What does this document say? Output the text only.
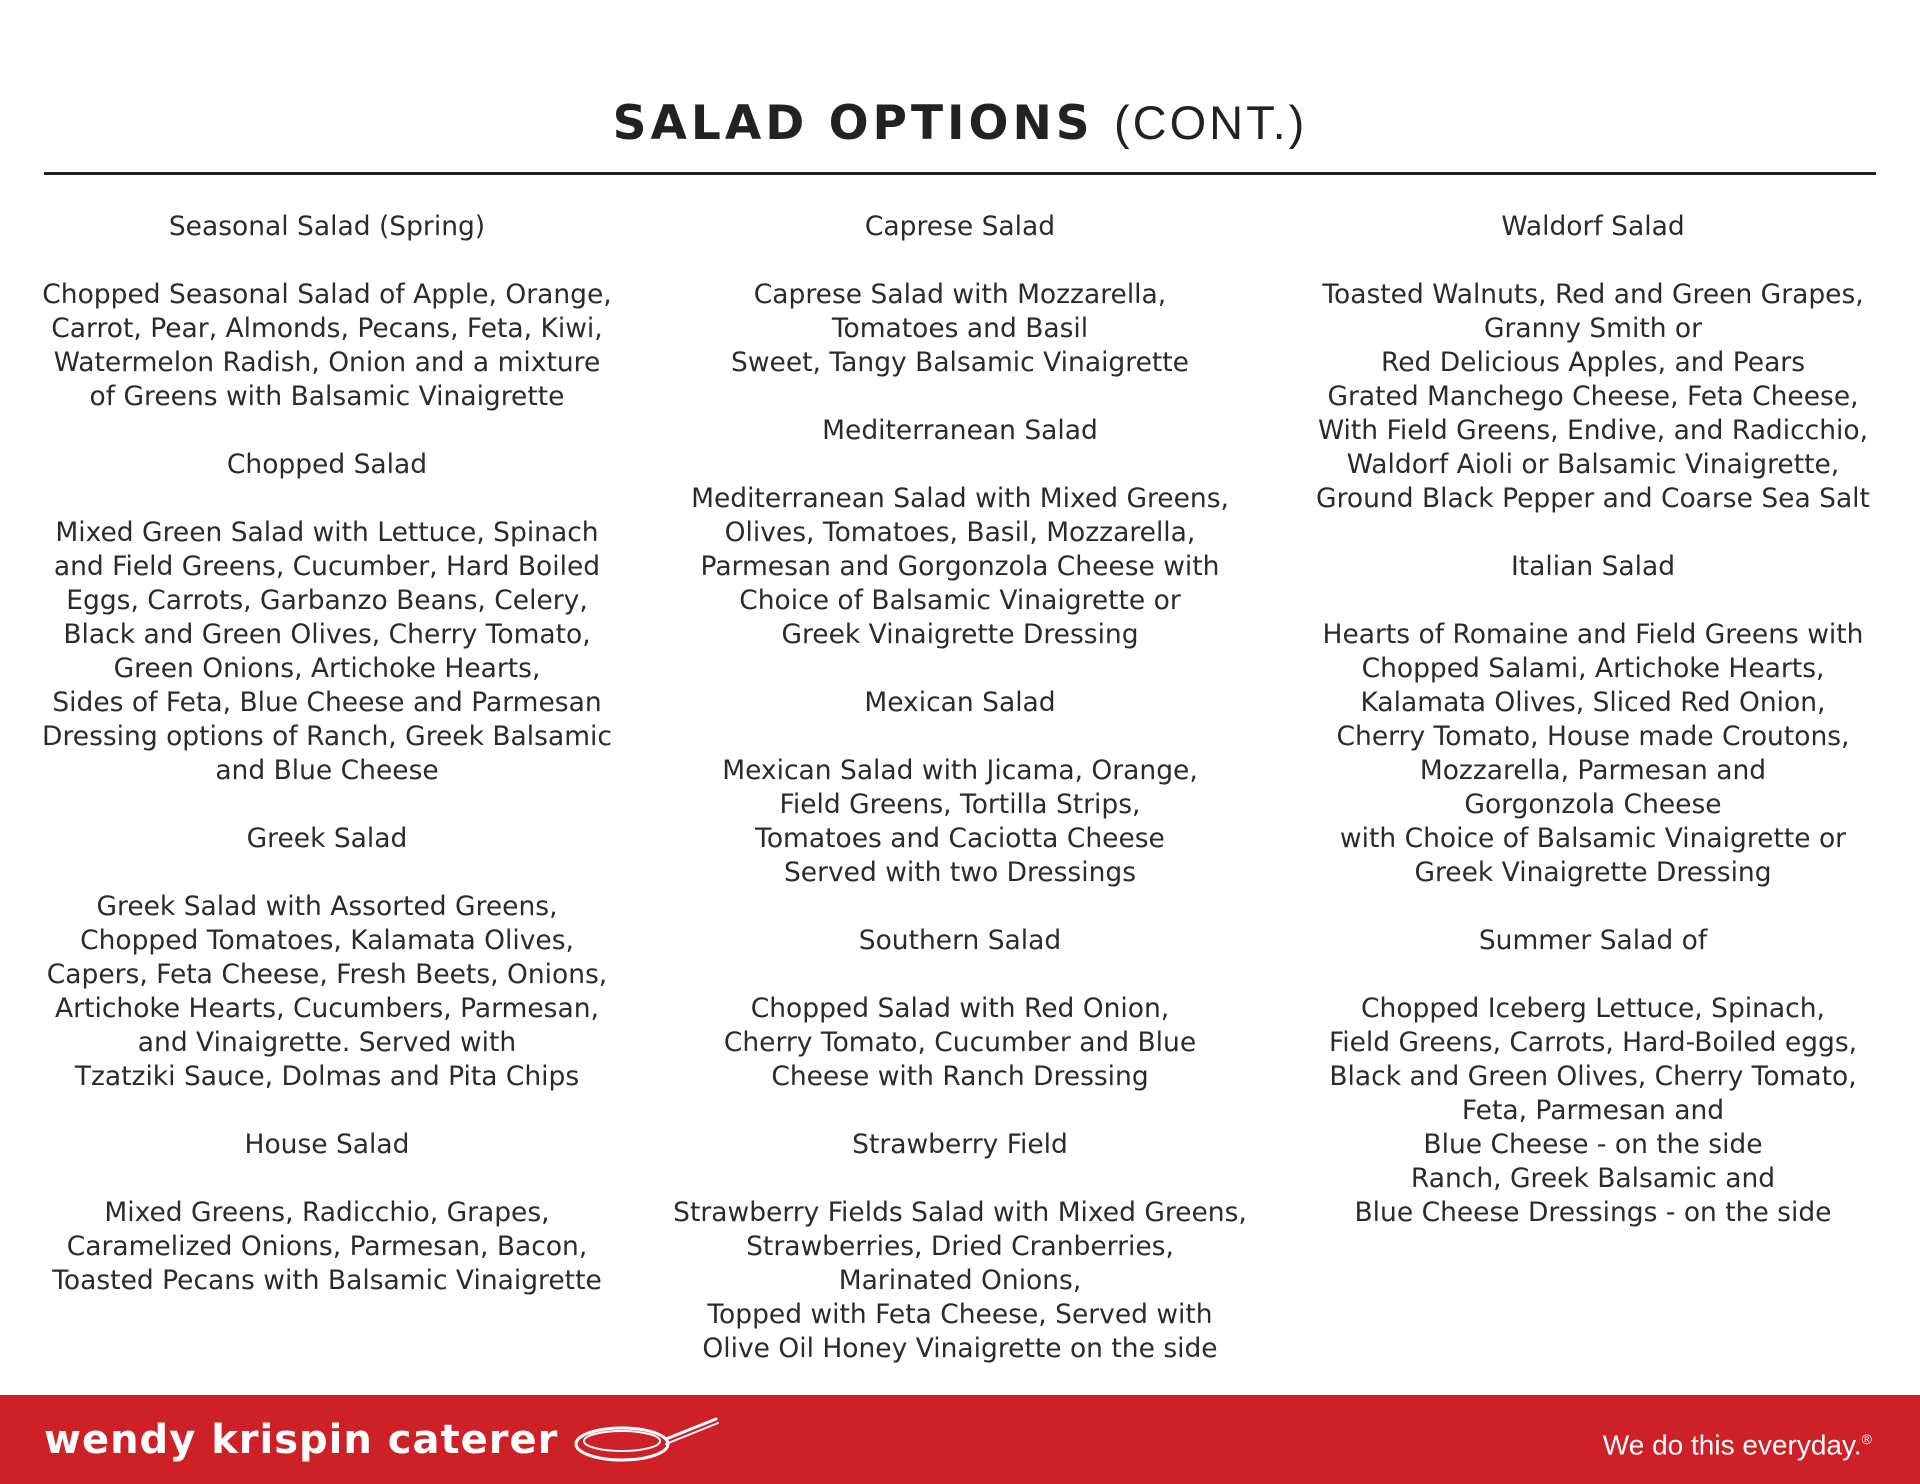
SALAD OPTIONS (CONT.)
Seasonal Salad (Spring)
Chopped Seasonal Salad of Apple, Orange,
Carrot, Pear, Almonds, Pecans, Feta, Kiwi,
Watermelon Radish, Onion and a mixture
of Greens with Balsamic Vinaigrette
Chopped Salad
Mixed Green Salad with Lettuce, Spinach
and Field Greens, Cucumber, Hard Boiled
Eggs, Carrots, Garbanzo Beans, Celery,
Black and Green Olives, Cherry Tomato,
Green Onions, Artichoke Hearts,
Sides of Feta, Blue Cheese and Parmesan
Dressing options of Ranch, Greek Balsamic
and Blue Cheese
Greek Salad
Greek Salad with Assorted Greens,
Chopped Tomatoes, Kalamata Olives,
Capers, Feta Cheese, Fresh Beets, Onions,
Artichoke Hearts, Cucumbers, Parmesan,
and Vinaigrette. Served with
Tzatziki Sauce, Dolmas and Pita Chips
House Salad
Mixed Greens, Radicchio, Grapes,
Caramelized Onions, Parmesan, Bacon,
Toasted Pecans with Balsamic Vinaigrette
Caprese Salad
Caprese Salad with Mozzarella,
Tomatoes and Basil
Sweet, Tangy Balsamic Vinaigrette
Mediterranean Salad
Mediterranean Salad with Mixed Greens,
Olives, Tomatoes, Basil, Mozzarella,
Parmesan and Gorgonzola Cheese with
Choice of Balsamic Vinaigrette or
Greek Vinaigrette Dressing
Mexican Salad
Mexican Salad with Jicama, Orange,
Field Greens, Tortilla Strips,
Tomatoes and Caciotta Cheese
Served with two Dressings
Southern Salad
Chopped Salad with Red Onion,
Cherry Tomato, Cucumber and Blue
Cheese with Ranch Dressing
Strawberry Field
Strawberry Fields Salad with Mixed Greens,
Strawberries, Dried Cranberries,
Marinated Onions,
Topped with Feta Cheese, Served with
Olive Oil Honey Vinaigrette on the side
Waldorf Salad
Toasted Walnuts, Red and Green Grapes,
Granny Smith or
Red Delicious Apples, and Pears
Grated Manchego Cheese, Feta Cheese,
With Field Greens, Endive, and Radicchio,
Waldorf Aioli or Balsamic Vinaigrette,
Ground Black Pepper and Coarse Sea Salt
Italian Salad
Hearts of Romaine and Field Greens with
Chopped Salami, Artichoke Hearts,
Kalamata Olives, Sliced Red Onion,
Cherry Tomato, House made Croutons,
Mozzarella, Parmesan and
Gorgonzola Cheese
with Choice of Balsamic Vinaigrette or
Greek Vinaigrette Dressing
Summer Salad of
Chopped Iceberg Lettuce, Spinach,
Field Greens, Carrots, Hard-Boiled eggs,
Black and Green Olives, Cherry Tomato,
Feta, Parmesan and
Blue Cheese - on the side
Ranch, Greek Balsamic and
Blue Cheese Dressings - on the side
wendy krispin caterer	We do this everyday.®
